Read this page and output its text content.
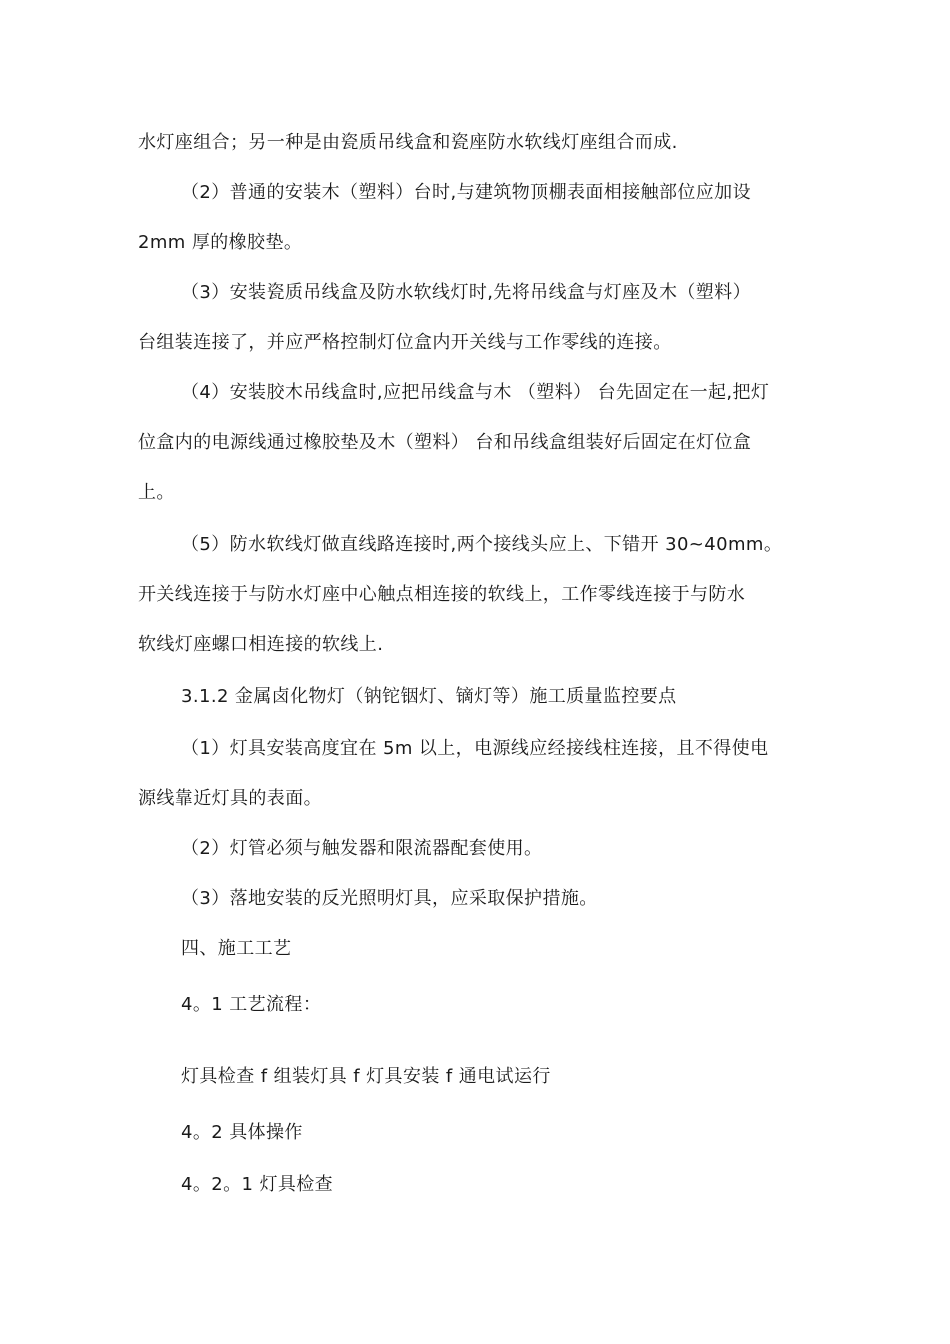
水灯座组合；另一种是由瓷质吊线盒和瓷座防水软线灯座组合而成.
（2）普通的安装木（塑料）台时,与建筑物顶棚表面相接触部位应加设
2mm 厚的橡胶垫。
（3）安装瓷质吊线盒及防水软线灯时,先将吊线盒与灯座及木（塑料）
台组装连接了，并应严格控制灯位盒内开关线与工作零线的连接。
（4）安装胶木吊线盒时,应把吊线盒与木 （塑料） 台先固定在一起,把灯
位盒内的电源线通过橡胶垫及木（塑料） 台和吊线盒组装好后固定在灯位盒
上。
（5）防水软线灯做直线路连接时,两个接线头应上、下错开 30~40mm。
开关线连接于与防水灯座中心触点相连接的软线上，工作零线连接于与防水
软线灯座螺口相连接的软线上.
3.1.2 金属卤化物灯（钠铊铟灯、镝灯等）施工质量监控要点
（1）灯具安装高度宜在 5m 以上，电源线应经接线柱连接，且不得使电
源线靠近灯具的表面。
（2）灯管必须与触发器和限流器配套使用。
（3）落地安装的反光照明灯具，应采取保护措施。
四、施工工艺
4。1 工艺流程：
灯具检查 f 组装灯具 f 灯具安装 f 通电试运行
4。2 具体操作
4。2。1 灯具检查
